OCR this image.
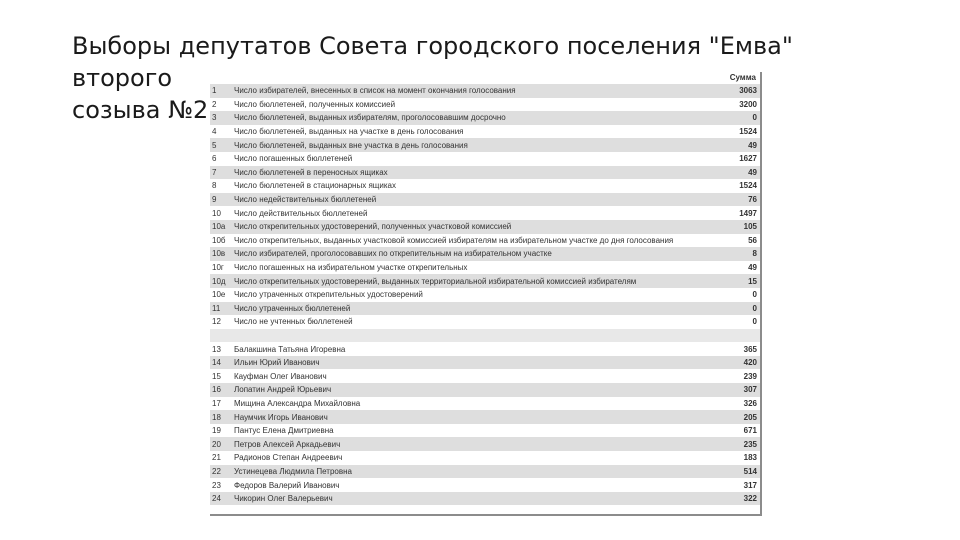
Выборы депутатов Совета городского поселения "Емва" второго
созыва №2
Сумма
1	Число избирателей, внесенных в список на момент окончания голосования	3063
2	Число бюллетеней, полученных комиссией	3200
3	Число бюллетеней, выданных избирателям, проголосовавшим досрочно	0
4	Число бюллетеней, выданных на участке в день голосования	1524
5	Число бюллетеней, выданных вне участка в день голосования	49
6	Число погашенных бюллетеней	1627
7	Число бюллетеней в переносных ящиках	49
8	Число бюллетеней в стационарных ящиках	1524
9	Число недействительных бюллетеней	76
10	Число действительных бюллетеней	1497
10а	Число открепительных удостоверений, полученных участковой комиссией	105
10б	Число открепительных, выданных участковой комиссией избирателям на избирательном участке до дня голосования	56
10в	Число избирателей, проголосовавших по открепительным на избирательном участке	8
10г	Число погашенных на избирательном участке открепительных	49
10д	Число открепительных удостоверений, выданных территориальной избирательной комиссией избирателям	15
10е	Число утраченных открепительных удостоверений	0
11	Число утраченных бюллетеней	0
12	Число не учтенных бюллетеней	0
13	Балакшина Татьяна Игоревна	365
14	Ильин Юрий Иванович	420
15	Кауфман Олег Иванович	239
16	Лопатин Андрей Юрьевич	307
17	Мищина Александра Михайловна	326
18	Наумчик Игорь Иванович	205
19	Пантус Елена Дмитриевна	671
20	Петров Алексей Аркадьевич	235
21	Радионов Степан Андреевич	183
22	Устинецева Людмила Петровна	514
23	Федоров Валерий Иванович	317
24	Чикорин Олег Валерьевич	322
